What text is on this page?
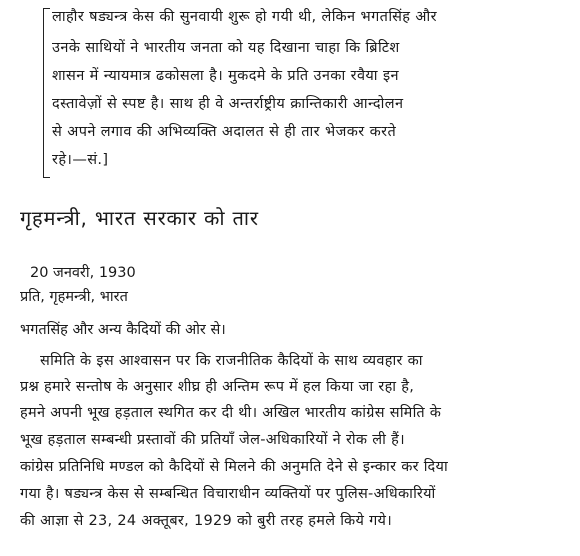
लाहौर षड्यन्त्र केस की सुनवायी शुरू हो गयी थी, लेकिन भगतसिंह और
उनके साथियों ने भारतीय जनता को यह दिखाना चाहा कि ब्रिटिश
शासन में न्यायमात्र ढकोसला है। मुकदमे के प्रति उनका रवैया इन
दस्तावेज़ों से स्पष्ट है। साथ ही वे अन्तर्राष्ट्रीय क्रान्तिकारी आन्दोलन
से अपने लगाव की अभिव्यक्ति अदालत से ही तार भेजकर करते
रहे।—सं.]
गृहमन्त्री, भारत सरकार को तार
20 जनवरी, 1930
प्रति, गृहमन्त्री, भारत
भगतसिंह और अन्य कैदियों की ओर से।
समिति के इस आश्वासन पर कि राजनीतिक कैदियों के साथ व्यवहार का
प्रश्न हमारे सन्तोष के अनुसार शीघ्र ही अन्तिम रूप में हल किया जा रहा है,
हमने अपनी भूख हड़ताल स्थगित कर दी थी। अखिल भारतीय कांग्रेस समिति के
भूख हड़ताल सम्बन्धी प्रस्तावों की प्रतियाँ जेल-अधिकारियों ने रोक ली हैं।
कांग्रेस प्रतिनिधि मण्डल को कैदियों से मिलने की अनुमति देने से इन्कार कर दिया
गया है। षड्यन्त्र केस से सम्बन्धित विचाराधीन व्यक्तियों पर पुलिस-अधिकारियों
की आज्ञा से 23, 24 अक्तूबर, 1929 को बुरी तरह हमले किये गये।
